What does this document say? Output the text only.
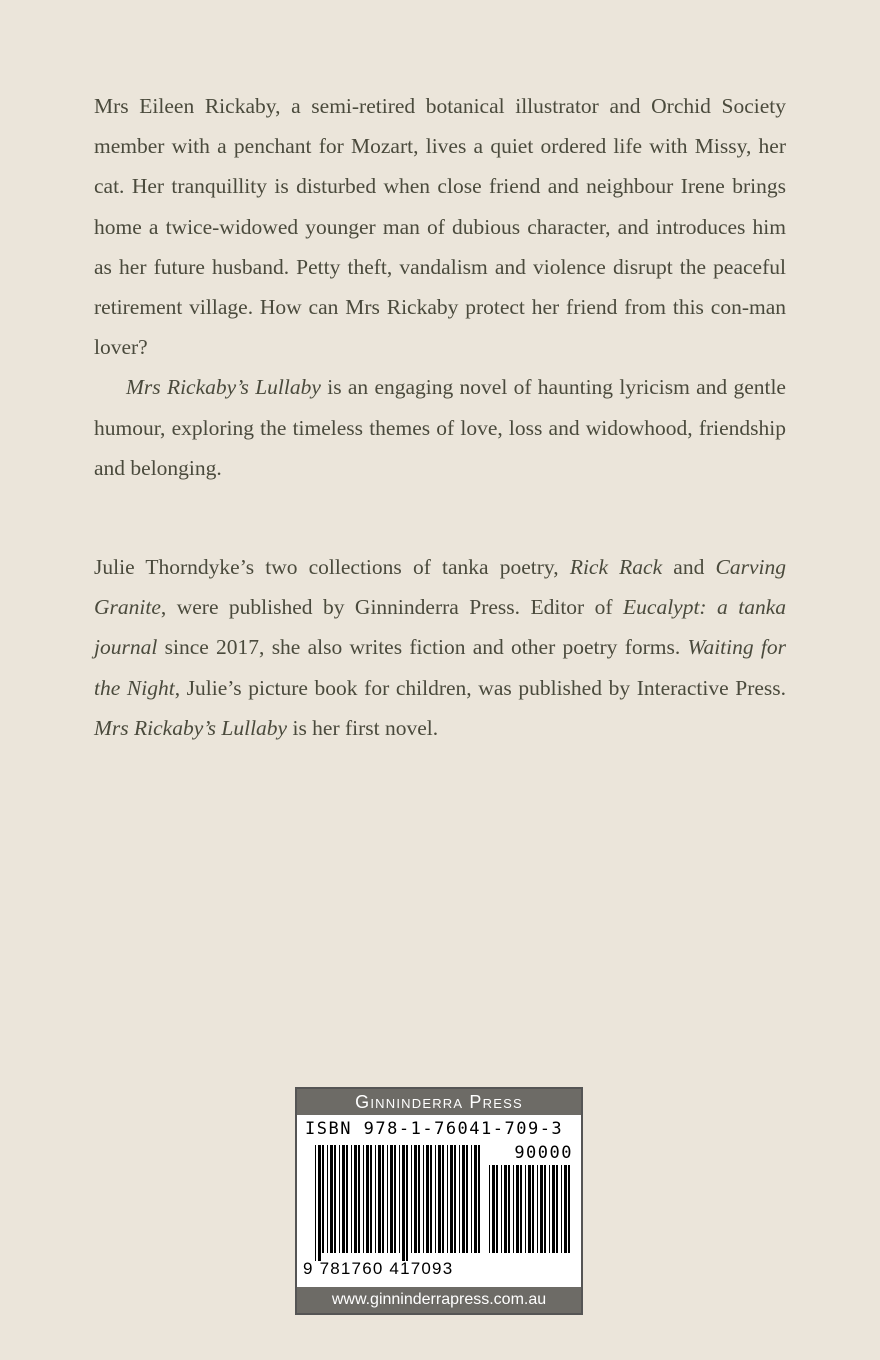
Mrs Eileen Rickaby, a semi-retired botanical illustrator and Orchid Society member with a penchant for Mozart, lives a quiet ordered life with Missy, her cat. Her tranquillity is disturbed when close friend and neighbour Irene brings home a twice-widowed younger man of dubious character, and introduces him as her future husband. Petty theft, vandalism and violence disrupt the peaceful retirement village. How can Mrs Rickaby protect her friend from this con-man lover?

Mrs Rickaby’s Lullaby is an engaging novel of haunting lyricism and gentle humour, exploring the timeless themes of love, loss and widowhood, friendship and belonging.

Julie Thorndyke’s two collections of tanka poetry, Rick Rack and Carving Granite, were published by Ginninderra Press. Editor of Eucalypt: a tanka journal since 2017, she also writes fiction and other poetry forms. Waiting for the Night, Julie’s picture book for children, was published by Interactive Press. Mrs Rickaby’s Lullaby is her first novel.

Ginninderra Press
ISBN 978-1-76041-709-3
90000
9 781760 417093
www.ginninderrapress.com.au
